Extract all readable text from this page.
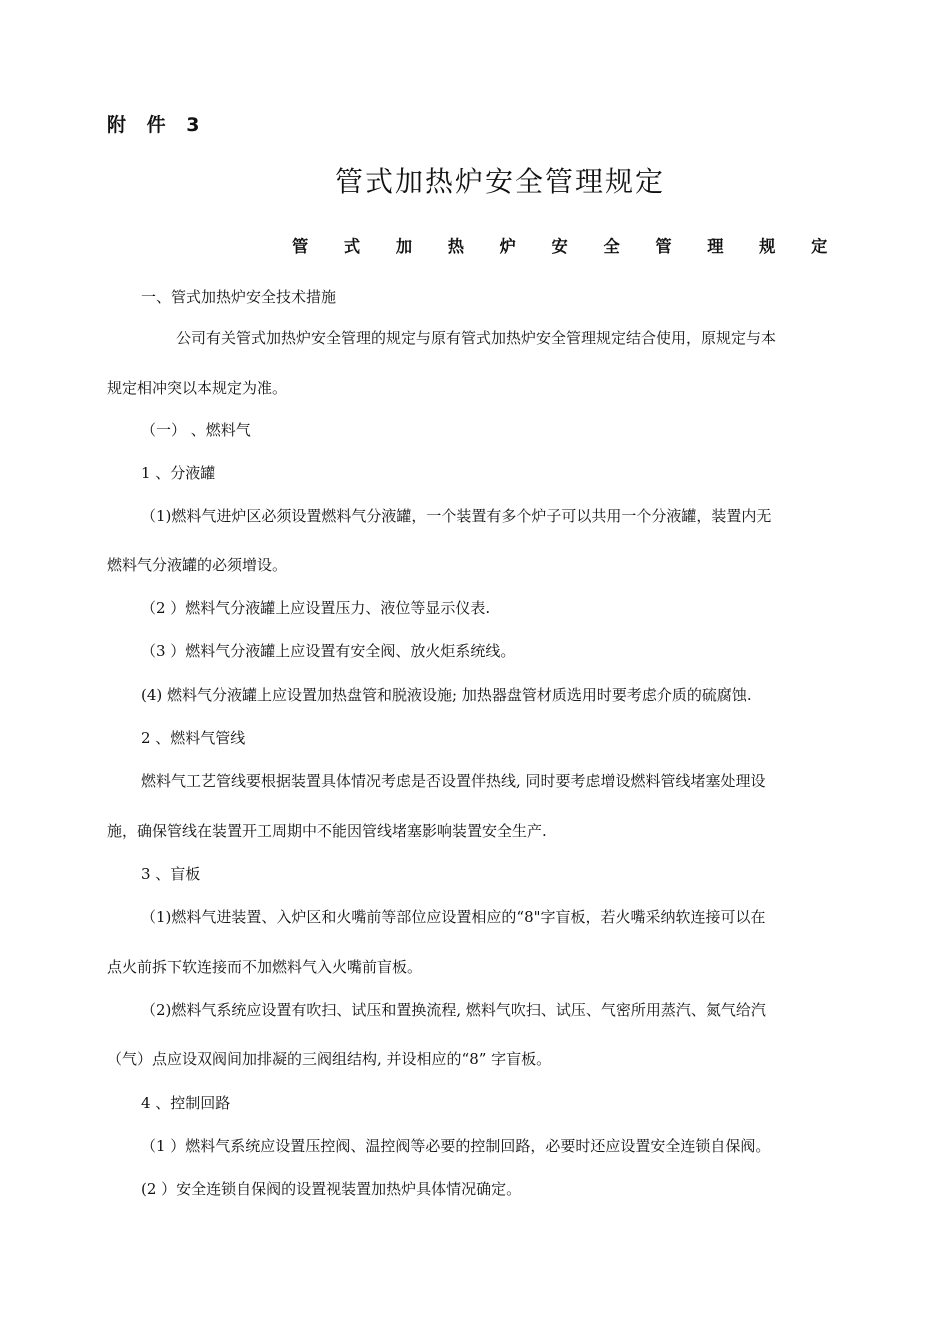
附 件 3
管式加热炉安全管理规定
管 式 加 热 炉 安 全 管 理 规 定
一、管式加热炉安全技术措施
公司有关管式加热炉安全管理的规定与原有管式加热炉安全管理规定结合使用，原规定与本
规定相冲突以本规定为准。
（一） 、燃料气
1 、分液罐
（1)燃料气进炉区必须设置燃料气分液罐，一个装置有多个炉子可以共用一个分液罐，装置内无
燃料气分液罐的必须增设。
（2 ）燃料气分液罐上应设置压力、液位等显示仪表.
（3 ）燃料气分液罐上应设置有安全阀、放火炬系统线。
(4) 燃料气分液罐上应设置加热盘管和脱液设施; 加热器盘管材质选用时要考虑介质的硫腐蚀.
2 、燃料气管线
燃料气工艺管线要根据装置具体情况考虑是否设置伴热线, 同时要考虑增设燃料管线堵塞处理设
施，确保管线在装置开工周期中不能因管线堵塞影响装置安全生产.
3 、盲板
（1)燃料气进装置、入炉区和火嘴前等部位应设置相应的“8"字盲板，若火嘴采纳软连接可以在
点火前拆下软连接而不加燃料气入火嘴前盲板。
（2)燃料气系统应设置有吹扫、试压和置换流程, 燃料气吹扫、试压、气密所用蒸汽、氮气给汽
（气）点应设双阀间加排凝的三阀组结构, 并设相应的“8” 字盲板。
4 、控制回路
（1 ）燃料气系统应设置压控阀、温控阀等必要的控制回路，必要时还应设置安全连锁自保阀。
(2 ）安全连锁自保阀的设置视装置加热炉具体情况确定。
